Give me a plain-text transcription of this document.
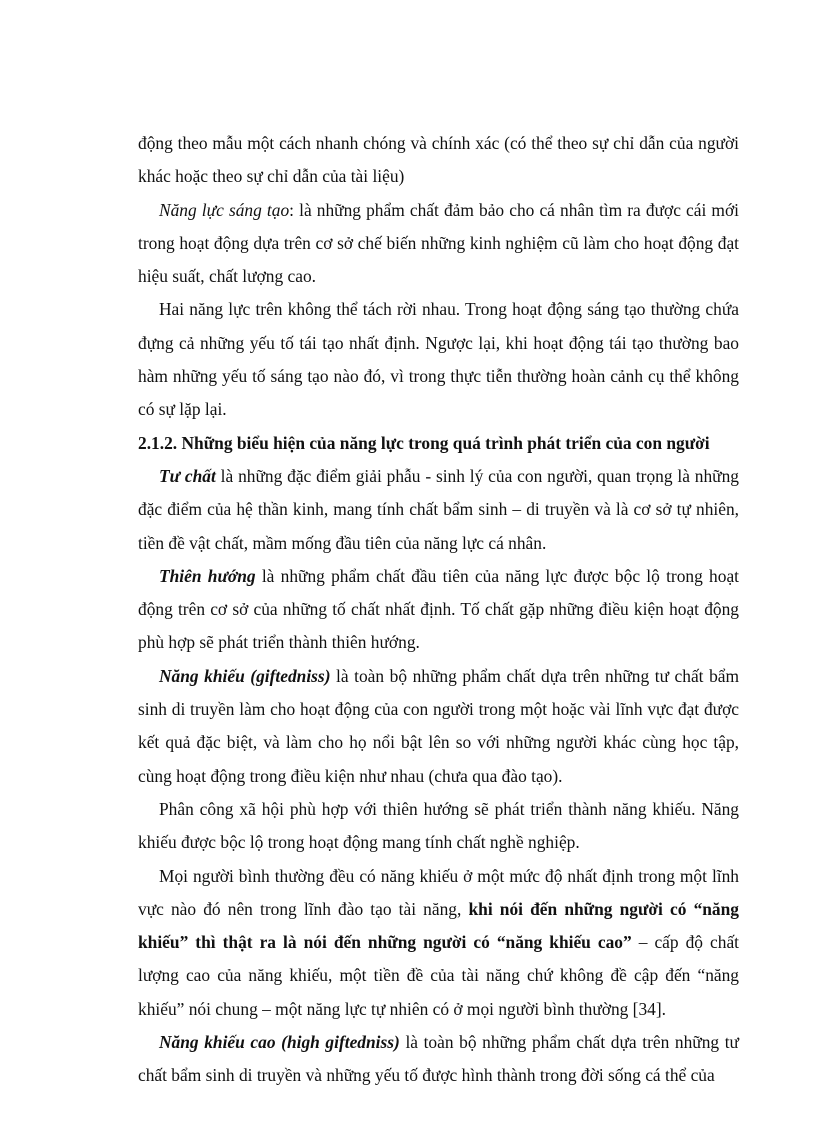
động theo mẫu một cách nhanh chóng và chính xác (có thể theo sự chỉ dẫn của người khác hoặc theo sự chỉ dẫn của tài liệu)

Năng lực sáng tạo: là những phẩm chất đảm bảo cho cá nhân tìm ra được cái mới trong hoạt động dựa trên cơ sở chế biến những kinh nghiệm cũ làm cho hoạt động đạt hiệu suất, chất lượng cao.

Hai năng lực trên không thể tách rời nhau. Trong hoạt động sáng tạo thường chứa đựng cả những yếu tố tái tạo nhất định. Ngược lại, khi hoạt động tái tạo thường bao hàm những yếu tố sáng tạo nào đó, vì trong thực tiễn thường hoàn cảnh cụ thể không có sự lặp lại.

2.1.2. Những biểu hiện của năng lực trong quá trình phát triển của con người

Tư chất là những đặc điểm giải phẫu - sinh lý của con người, quan trọng là những đặc điểm của hệ thần kinh, mang tính chất bẩm sinh – di truyền và là cơ sở tự nhiên, tiền đề vật chất, mầm mống đầu tiên của năng lực cá nhân.

Thiên hướng là những phẩm chất đầu tiên của năng lực được bộc lộ trong hoạt động trên cơ sở của những tố chất nhất định. Tố chất gặp những điều kiện hoạt động phù hợp sẽ phát triển thành thiên hướng.

Năng khiếu (giftedniss) là toàn bộ những phẩm chất dựa trên những tư chất bẩm sinh di truyền làm cho hoạt động của con người trong một hoặc vài lĩnh vực đạt được kết quả đặc biệt, và làm cho họ nổi bật lên so với những người khác cùng học tập, cùng hoạt động trong điều kiện như nhau (chưa qua đào tạo).

Phân công xã hội phù hợp với thiên hướng sẽ phát triển thành năng khiếu. Năng khiếu được bộc lộ trong hoạt động mang tính chất nghề nghiệp.

Mọi người bình thường đều có năng khiếu ở một mức độ nhất định trong một lĩnh vực nào đó nên trong lĩnh đào tạo tài năng, khi nói đến những người có “năng khiếu” thì thật ra là nói đến những người có “năng khiếu cao” – cấp độ chất lượng cao của năng khiếu, một tiền đề của tài năng chứ không đề cập đến “năng khiếu” nói chung – một năng lực tự nhiên có ở mọi người bình thường [34].

Năng khiếu cao (high giftedniss) là toàn bộ những phẩm chất dựa trên những tư chất bẩm sinh di truyền và những yếu tố được hình thành trong đời sống cá thể của
